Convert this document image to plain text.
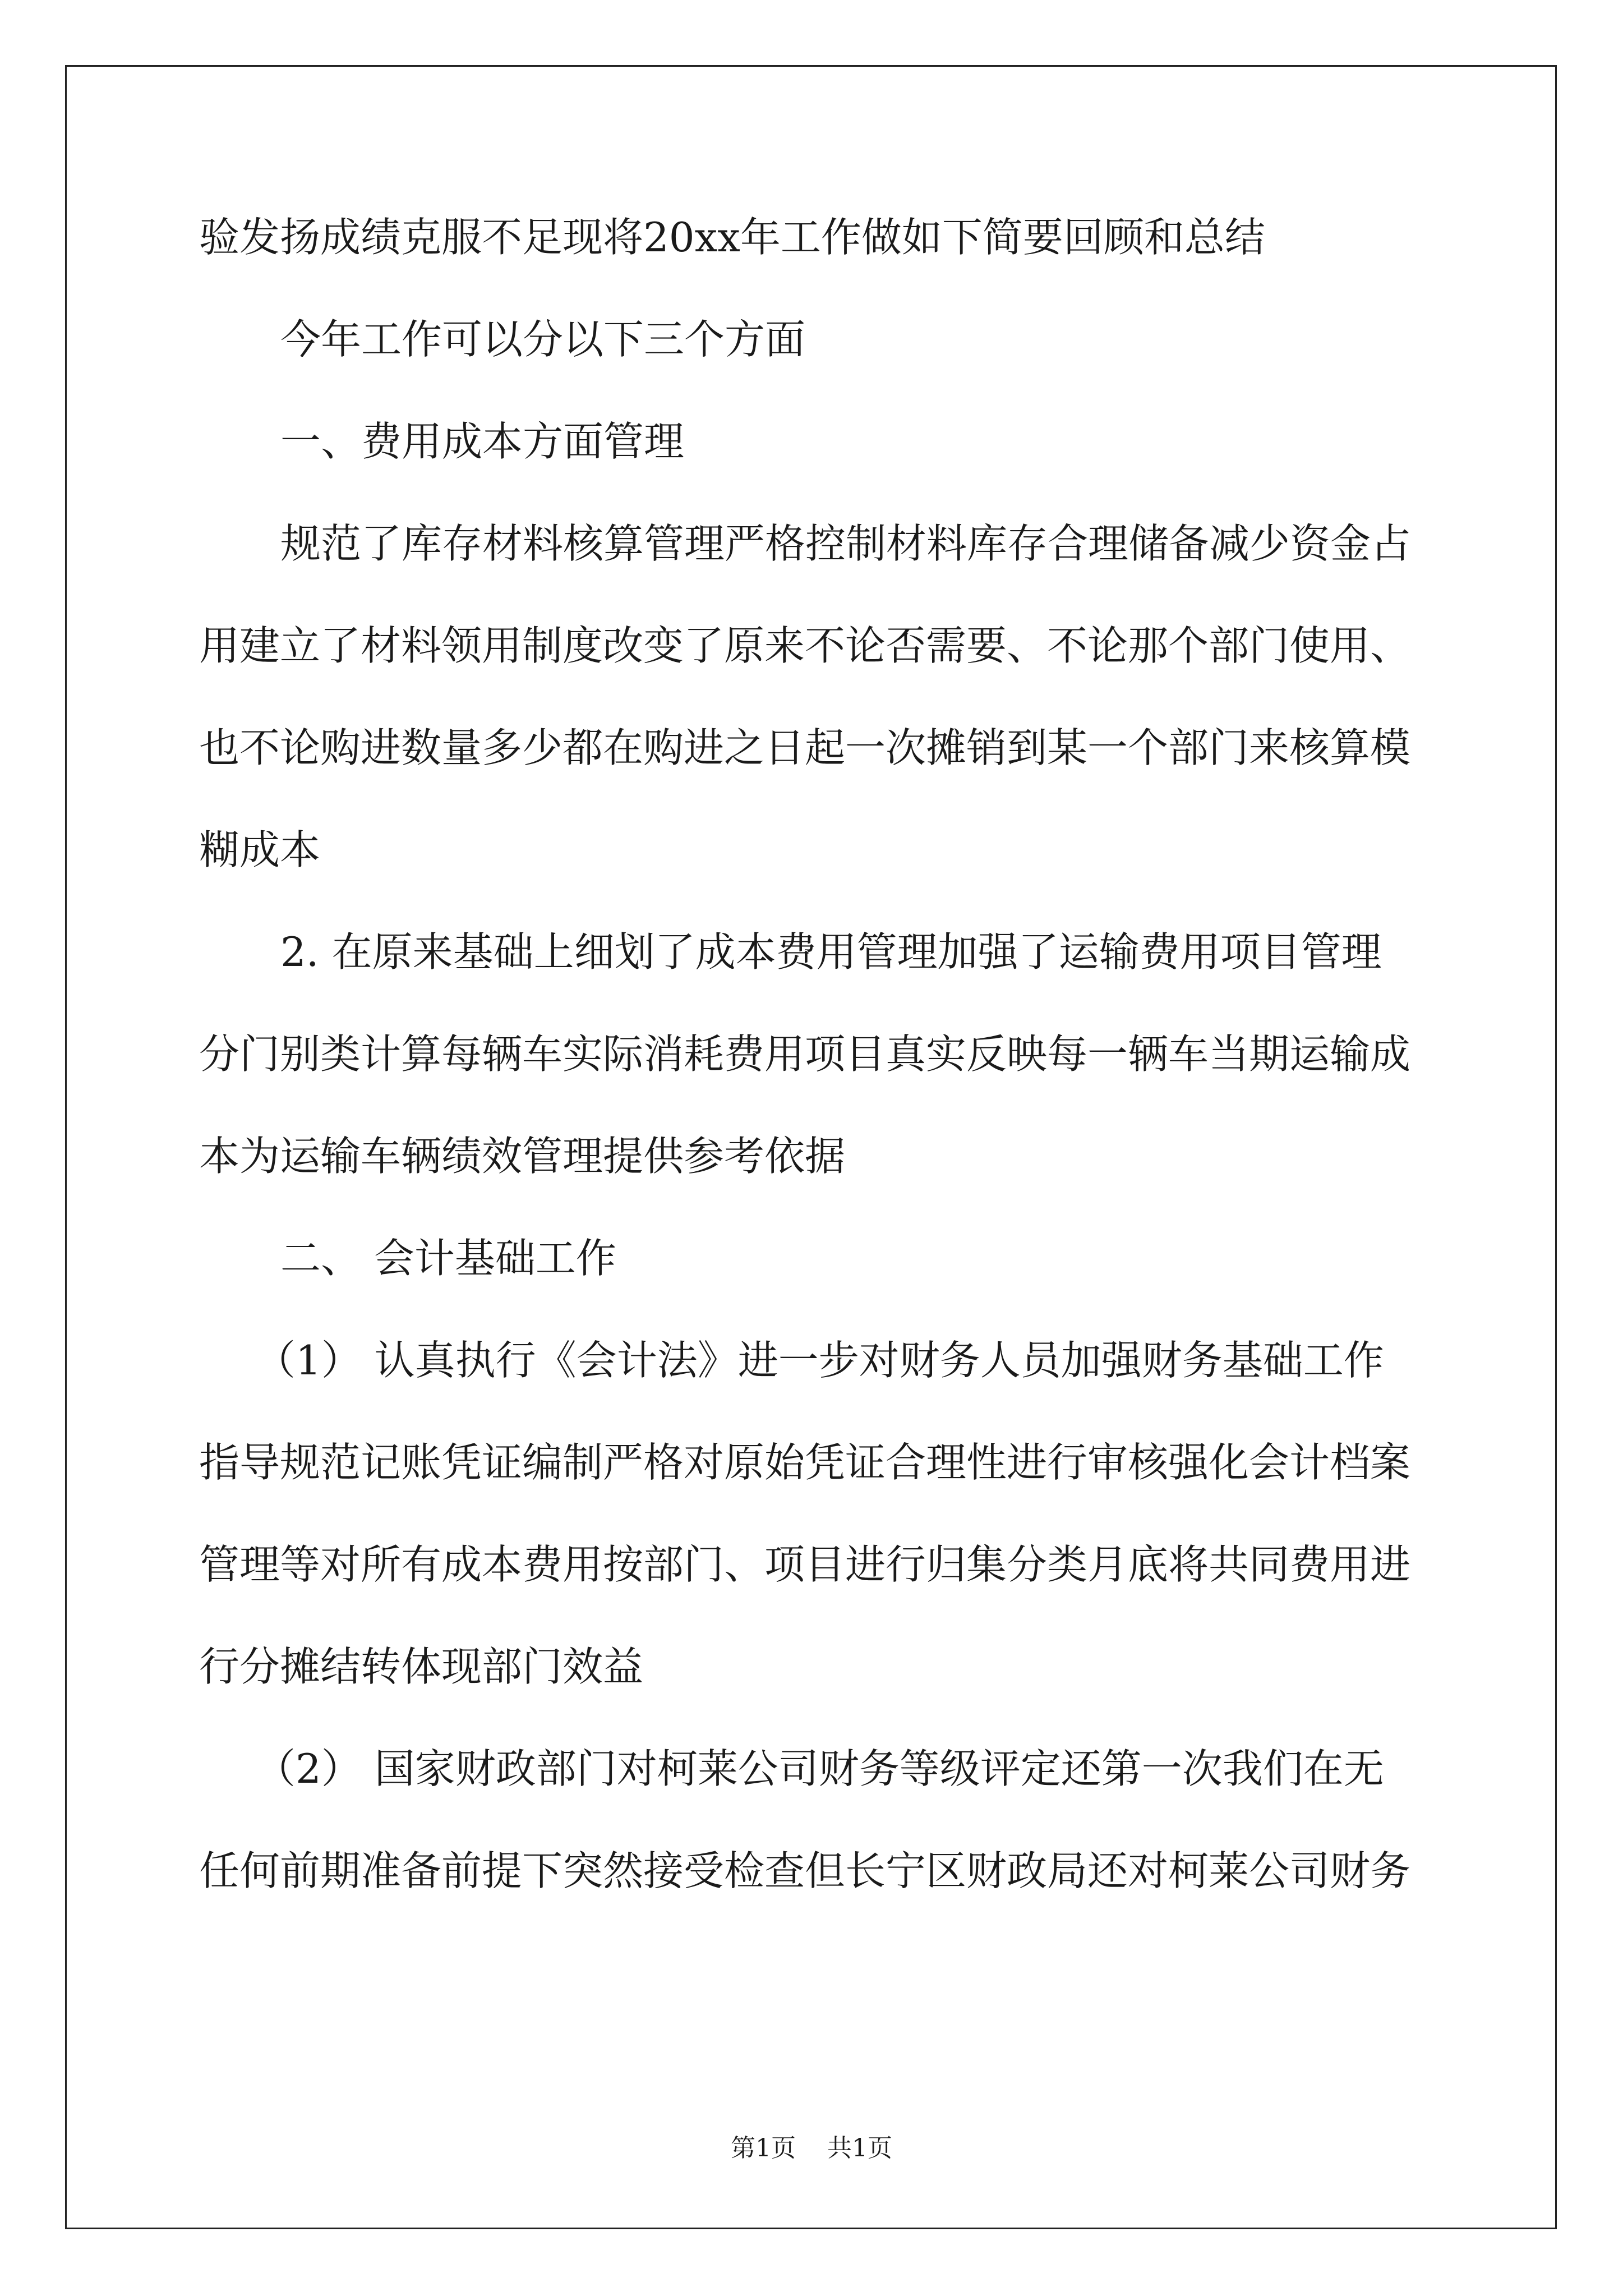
验发扬成绩克服不足现将20xx年工作做如下简要回顾和总结
今年工作可以分以下三个方面
一、费用成本方面管理
规范了库存材料核算管理严格控制材料库存合理储备减少资金占
用建立了材料领用制度改变了原来不论否需要、不论那个部门使用、
也不论购进数量多少都在购进之日起一次摊销到某一个部门来核算模
糊成本
2. 在原来基础上细划了成本费用管理加强了运输费用项目管理
分门别类计算每辆车实际消耗费用项目真实反映每一辆车当期运输成
本为运输车辆绩效管理提供参考依据
二、 会计基础工作
（1） 认真执行《会计法》进一步对财务人员加强财务基础工作
指导规范记账凭证编制严格对原始凭证合理性进行审核强化会计档案
管理等对所有成本费用按部门、项目进行归集分类月底将共同费用进
行分摊结转体现部门效益
（2） 国家财政部门对柯莱公司财务等级评定还第一次我们在无
任何前期准备前提下突然接受检查但长宁区财政局还对柯莱公司财务
第1页    共1页
